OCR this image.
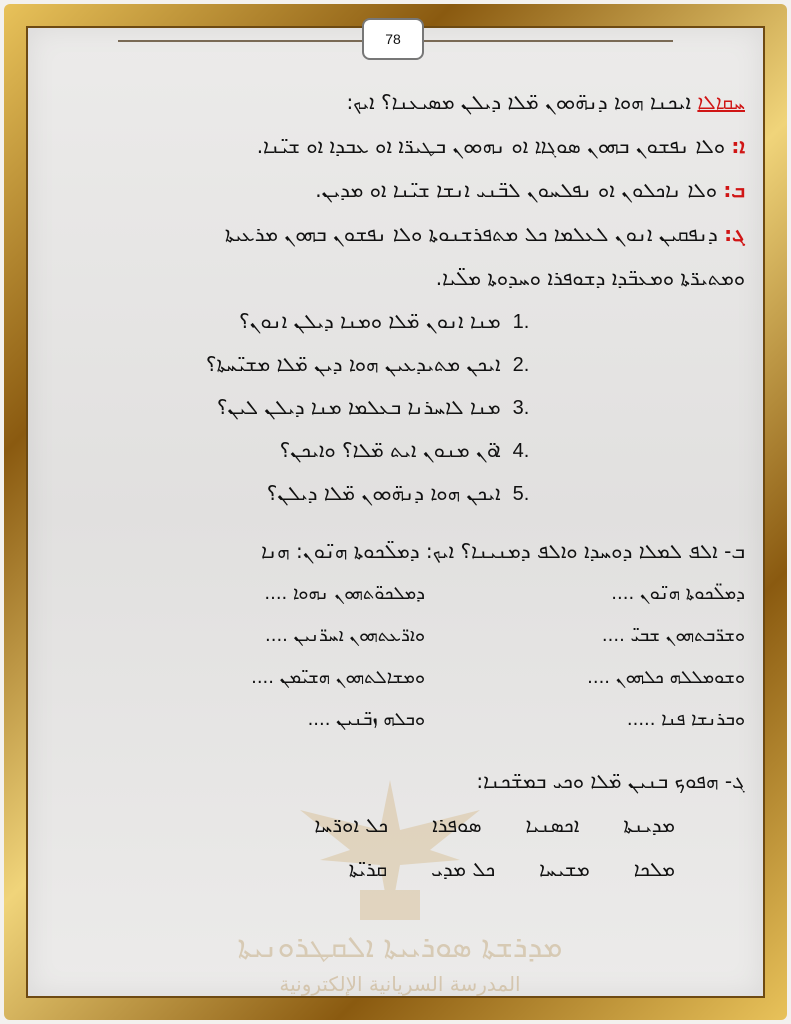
78
ܡܕܪܫܬܐ ܣܘܪܝܝܬܐ ܐܠܩܛܪܘܢܝܬܐ
المدرسة السريانية الإلكترونية
ܚܩܐܠܐ ܐܝܟܢܐ ܗܘܐ ܕܢܗ̈ܘܘܢ ܡ̈ܠܐ ܕܝܠܢ ܡܣܝܥܢܐ؟ ܐܝܟ:
ܐ: ܘܠܐ ܢܦܫܘܢ ܒܗܘܢ ܣܘܓܐܐ ܐܘ ܢܗܘܘܢ ܒܛܝܪ̈ܐ ܐܘ ܥܒܕܐ ܐܘ ܫܝ̈ܢܐ.
ܒ: ܘܠܐ ܢܐܟܠܘܢ ܐܘ ܢܦܠܚܘܢ ܠܒ̈ܢܝ ܐܢܫܐ ܫܝ̈ܢܐ ܐܘ ܡܕܝܢ.
ܓ: ܕܢܦܩܝܢ ܐܢܘܢ ܠܥܠܡܐ ܟܠ ܡܬܦܪܫܢܘܬܐ ܘܠܐ ܢܦܫܘܢ ܒܗܘܢ ܡܪܥܝܬܐ
ܘܡܬܝܪ̈ܬܐ ܘܡܥܒ̈ܕܐ ܕܫܘܦܪܐ ܘܚܕܘܬܐ ܡܠ̈ܝܐ.
1. ܡܢܐ ܐܢܘܢ ܡ̈ܠܐ ܘܡܢܐ ܕܝܠܢ ܐܢܘܢ؟
2. ܐܝܟܢ ܡܬܝܕܥܝܢ ܗܘܐ ܕܝܢ ܡ̈ܠܐ ܡܫܝ̈ܚܬܐ؟
3. ܡܢܐ ܠܐܚܪܢܐ ܒܥܠܡܐ ܡܢܐ ܕܝܠܢ ܠܝܢ؟
4. ܐܘ̈ܢ ܡܢܘܢ ܐܝܬ ܡ̈ܠܐ؟ ܘܐܝܟܢ؟
5. ܐܝܟܢ ܗܘܐ ܕܢܗ̈ܘܘܢ ܡ̈ܠܐ ܕܝܠܢ؟
ܒ- ܐܠܦ ܠܡܠܐ ܕܘܚܕܐ ܘܐܠܦ ܕܡܢܝܢܐ؟ ܐܝܟ: ܕܡܠ̈ܟܘܬܐ ܗܢ̈ܘܢ: ܗܢܐ
ܕܡܠ̈ܟܘܬܐ ܗܢ̈ܘܢ ....
ܕܡܠܟܘ̈ܬܗܘܢ ܢܗܘܐ ....
ܘܫܪ̈ܒܬܗܘܢ ܫܒܝ̈ ....
ܘܐܪ̈ܥܬܗܘܢ ܐܚܪ̈ܢܝܢ ....
ܘܫܘܡܠܠܗ ܟܠܗܘܢ ....
ܘܡܫܐܠܬܗܘܢ ܗܫܝ̈ܡܢ ....
ܘܒܪܢܫܐ ܦܢܐ .....
ܘܒܠܗ ܙܒ̈ܢܝܢ ....
ܓ- ܗܦܘܟ ܒܢܝܢ ܡ̈ܠܐ ܘܟܝ ܒܡܫ̈ܟܢܐ:
ܡܕܝܢܬܐ
ܐܟܣܢܝܐ
ܣܘܦܪܐ
ܟܠ ܐܘܪ̈ܚܐ
ܡܠܟܐ
ܡܫܝܚܐ
ܟܠ ܡܕܝ
ܩܪܝ̈ܬܐ
